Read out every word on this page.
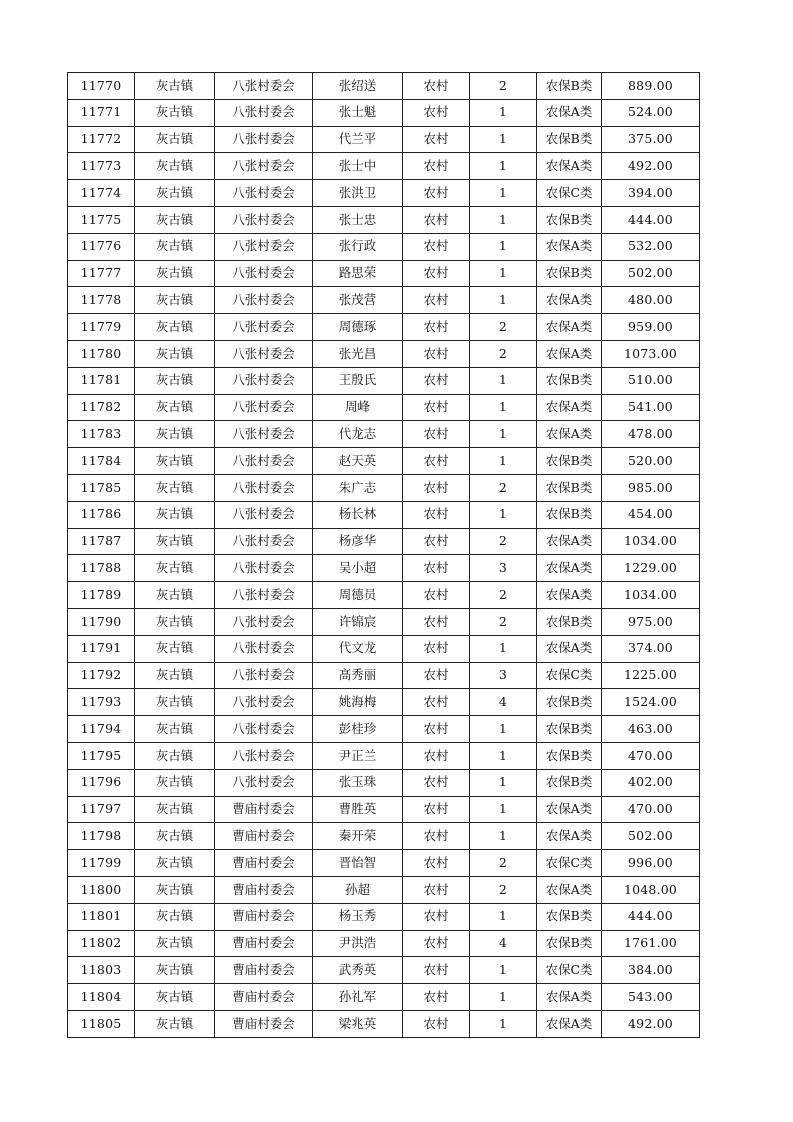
11770	灰古镇	八张村委会	张绍送	农村	2	农保B类	889.00
11771	灰古镇	八张村委会	张士魁	农村	1	农保A类	524.00
11772	灰古镇	八张村委会	代兰平	农村	1	农保B类	375.00
11773	灰古镇	八张村委会	张士中	农村	1	农保A类	492.00
11774	灰古镇	八张村委会	张洪卫	农村	1	农保C类	394.00
11775	灰古镇	八张村委会	张士忠	农村	1	农保B类	444.00
11776	灰古镇	八张村委会	张行政	农村	1	农保A类	532.00
11777	灰古镇	八张村委会	路思荣	农村	1	农保B类	502.00
11778	灰古镇	八张村委会	张茂营	农村	1	农保A类	480.00
11779	灰古镇	八张村委会	周德琢	农村	2	农保A类	959.00
11780	灰古镇	八张村委会	张光昌	农村	2	农保A类	1073.00
11781	灰古镇	八张村委会	王殷氏	农村	1	农保B类	510.00
11782	灰古镇	八张村委会	周峰	农村	1	农保A类	541.00
11783	灰古镇	八张村委会	代龙志	农村	1	农保A类	478.00
11784	灰古镇	八张村委会	赵天英	农村	1	农保B类	520.00
11785	灰古镇	八张村委会	朱广志	农村	2	农保B类	985.00
11786	灰古镇	八张村委会	杨长林	农村	1	农保B类	454.00
11787	灰古镇	八张村委会	杨彦华	农村	2	农保A类	1034.00
11788	灰古镇	八张村委会	吴小超	农村	3	农保A类	1229.00
11789	灰古镇	八张村委会	周德员	农村	2	农保A类	1034.00
11790	灰古镇	八张村委会	许锦宸	农村	2	农保B类	975.00
11791	灰古镇	八张村委会	代文龙	农村	1	农保A类	374.00
11792	灰古镇	八张村委会	高秀丽	农村	3	农保C类	1225.00
11793	灰古镇	八张村委会	姚海梅	农村	4	农保B类	1524.00
11794	灰古镇	八张村委会	彭桂珍	农村	1	农保B类	463.00
11795	灰古镇	八张村委会	尹正兰	农村	1	农保B类	470.00
11796	灰古镇	八张村委会	张玉珠	农村	1	农保B类	402.00
11797	灰古镇	曹庙村委会	曹胜英	农村	1	农保A类	470.00
11798	灰古镇	曹庙村委会	秦开荣	农村	1	农保A类	502.00
11799	灰古镇	曹庙村委会	晋怡智	农村	2	农保C类	996.00
11800	灰古镇	曹庙村委会	孙超	农村	2	农保A类	1048.00
11801	灰古镇	曹庙村委会	杨玉秀	农村	1	农保B类	444.00
11802	灰古镇	曹庙村委会	尹洪浩	农村	4	农保B类	1761.00
11803	灰古镇	曹庙村委会	武秀英	农村	1	农保C类	384.00
11804	灰古镇	曹庙村委会	孙礼军	农村	1	农保A类	543.00
11805	灰古镇	曹庙村委会	梁兆英	农村	1	农保A类	492.00
